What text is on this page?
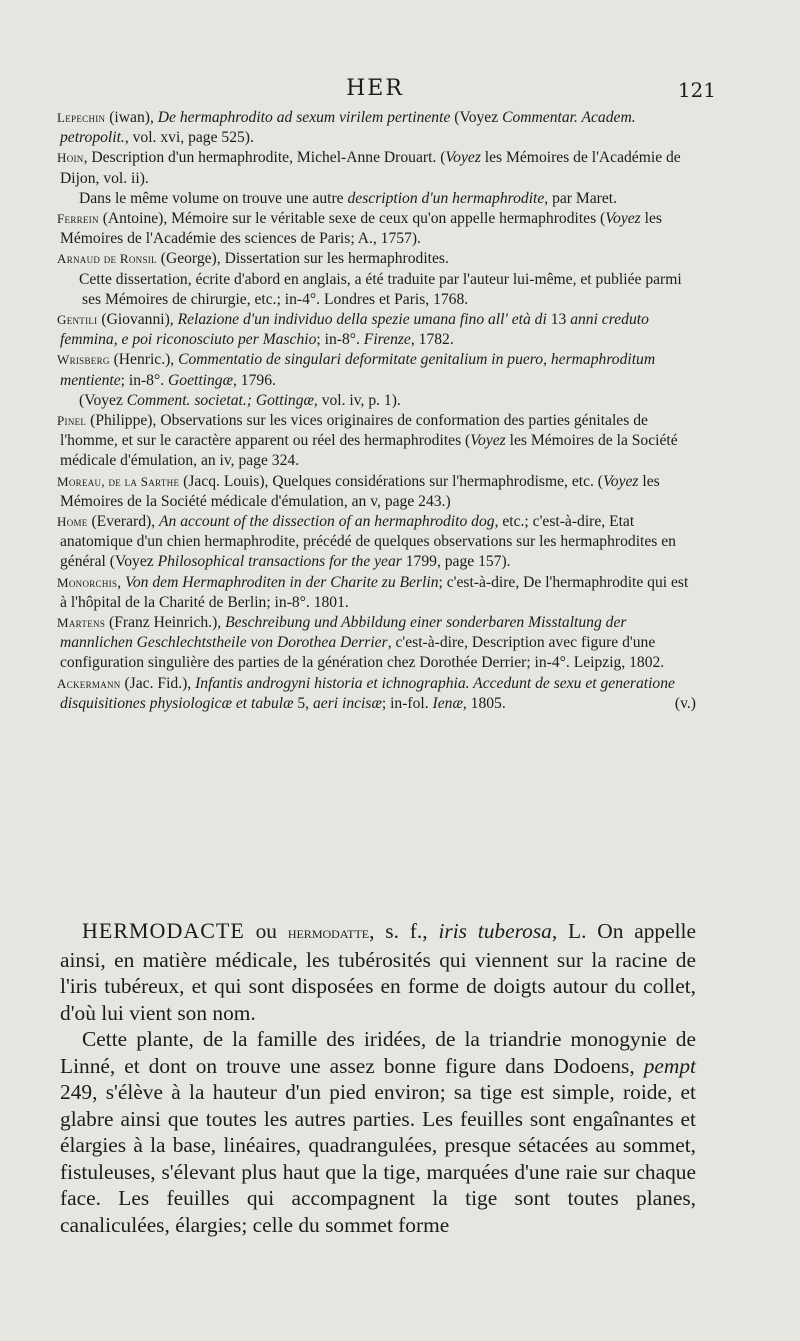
HER	121

Lepechin (iwan), De hermaphrodito ad sexum virilem pertinente (Voyez Commentar. Academ. petropolit., vol. xvi, page 525).

Hoin, Description d'un hermaphrodite, Michel-Anne Drouart. (Voyez les Mémoires de l'Académie de Dijon, vol. ii).

Dans le même volume on trouve une autre description d'un hermaphrodite, par Maret.

Ferrein (Antoine), Mémoire sur le véritable sexe de ceux qu'on appelle hermaphrodites (Voyez les Mémoires de l'Académie des sciences de Paris; A., 1757).

Arnaud de Ronsil (George), Dissertation sur les hermaphrodites.

Cette dissertation, écrite d'abord en anglais, a été traduite par l'auteur lui-même, et publiée parmi ses Mémoires de chirurgie, etc.; in-4°. Londres et Paris, 1768.

Gentili (Giovanni), Relazione d'un individuo della spezie umana fino all' età di 13 anni creduto femmina, e poi riconosciuto per Maschio; in-8°. Firenze, 1782.

Wrisberg (Henric.), Commentatio de singulari deformitate genitalium in puero, hermaphroditum mentiente; in-8°. Goettingæ, 1796.

(Voyez Comment. societat.; Gottingæ, vol. iv, p. 1).

Pinel (Philippe), Observations sur les vices originaires de conformation des parties génitales de l'homme, et sur le caractère apparent ou réel des hermaphrodites (Voyez les Mémoires de la Société médicale d'émulation, an iv, page 324.

Moreau, de la Sarthe (Jacq. Louis), Quelques considérations sur l'hermaphrodisme, etc. (Voyez les Mémoires de la Société médicale d'émulation, an v, page 243.)

Home (Everard), An account of the dissection of an hermaphrodito dog, etc.; c'est-à-dire, Etat anatomique d'un chien hermaphrodite, précédé de quelques observations sur les hermaphrodites en général (Voyez Philosophical transactions for the year 1799, page 157).

Monorchis, Von dem Hermaphroditen in der Charite zu Berlin; c'est-à-dire, De l'hermaphrodite qui est à l'hôpital de la Charité de Berlin; in-8°. 1801.

Martens (Franz Heinrich.), Beschreibung und Abbildung einer sonderbaren Misstaltung der mannlichen Geschlechtstheile von Dorothea Derrier, c'est-à-dire, Description avec figure d'une configuration singulière des parties de la génération chez Dorothée Derrier; in-4°. Leipzig, 1802.

Ackermann (Jac. Fid.), Infantis androgyni historia et ichnographia. Accedunt de sexu et generatione disquisitiones physiologicæ et tabulæ 5, aeri incisæ; in-fol. Ienæ, 1805.	(v.)

HERMODACTE ou hermodatte, s. f., iris tuberosa, L. On appelle ainsi, en matière médicale, les tubérosités qui viennent sur la racine de l'iris tubéreux, et qui sont disposées en forme de doigts autour du collet, d'où lui vient son nom.

Cette plante, de la famille des iridées, de la triandrie monogynie de Linné, et dont on trouve une assez bonne figure dans Dodoens, pempt 249, s'élève à la hauteur d'un pied environ; sa tige est simple, roide, et glabre ainsi que toutes les autres parties. Les feuilles sont engaînantes et élargies à la base, linéaires, quadrangulées, presque sétacées au sommet, fistuleuses, s'élevant plus haut que la tige, marquées d'une raie sur chaque face. Les feuilles qui accompagnent la tige sont toutes planes, canaliculées, élargies; celle du sommet forme
